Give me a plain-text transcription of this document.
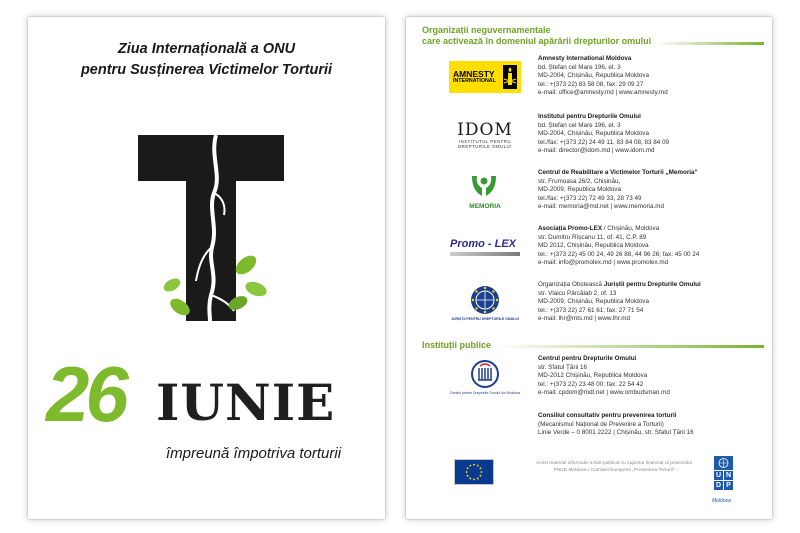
Ziua Internațională a ONU
pentru Susținerea Victimelor Torturii
26 IUNIE
împreună împotriva torturii
Organizații neguvernamentale
care activează în domeniul apărării drepturilor omului
AMNESTY
INTERNATIONAL
Amnesty International Moldova
bd. Ștefan cel Mare 196, et. 3
MD-2004, Chișinău, Republica Moldova
tel.: +(373 22) 83 58 08, fax: 29 09 27
e-mail: office@amnesty.md | www.amnesty.md
IDOM
INSTITUTUL PENTRU DREPTURILE OMULUI
Institutul pentru Drepturile Omului
bd. Ștefan cel Mare 196, et. 3
MD-2004, Chișinău, Republica Moldova
tel./fax: +(373 22) 24 49 11, 83 84 08, 83 84 09
e-mail: director@idom.md | www.idom.md
MEMORIA
Centrul de Reabilitare a Victimelor Torturii „Memoria”
str. Frumoasa 26/2, Chișinău,
MD-2009, Republica Moldova
tel./fax: +(373 22) 72 49 33, 28 73 49
e-mail: memoria@md.net | www.memoria.md
Promo - LEX
Asociația Promo-LEX / Chișinău, Moldova
str. Dumitru Rîșcanu 11, of. 41, C.P. 89
MD 2012, Chișinău, Republica Moldova
tel.: +(373 22) 45 00 24, 49 26 88, 44 96 26; fax: 45 00 24
e-mail: info@promolex.md | www.promolex.md
JURIȘTII PENTRU DREPTURILE OMULUI
Organizația Obștească Juriștii pentru Drepturile Omului
str. Vlaicu Pârcălab 2, of. 13
MD-2009, Chișinău, Republica Moldova
tel.: +(373 22) 27 61 61; fax: 27 71 54
e-mail: lhr@mts.md | www.lhr.md
Instituții publice
Centrul pentru Drepturile Omului din Moldova
Centrul pentru Drepturile Omului
str. Sfatul Țării 16
MD-2012 Chișinău, Republica Moldova
tel.: +(373 22) 23 48 00; fax: 22 54 42
e-mail: cpdom@mdl.net | www.ombudsman.md
Consiliul consultativ pentru prevenirea torturii
(Mecanismul Național de Prevenire a Torturii)
Linie Verde – 0 8001 2222 | Chișinău, str. Sfatul Țării 16
Acest material informativ a fost publicat cu suportul financiar al proiectului PNUD Moldova / Comisiei Europene „Prevenirea Torturii”
U N
D P
Moldova
